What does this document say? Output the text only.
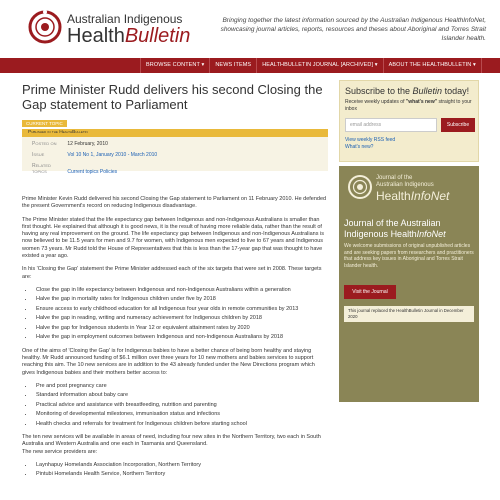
Australian Indigenous
HealthBulletin
Bringing together the latest information sourced by the Australian Indigenous HealthInfoNet, showcasing journal articles, reports, resources and theses about Aboriginal and Torres Strait Islander health.
BROWSE CONTENT ▾	NEWS ITEMS	HEALTHBULLETIN JOURNAL [ARCHIVED] ▾	ABOUT THE HEALTHBULLETIN ▾
Prime Minister Rudd delivers his second Closing the Gap statement to Parliament
CURRENT TOPIC
Published in the HealthBulletin
Posted on 12 February, 2010
Issue	Vol 10 No 1, January 2010 - March 2010
Related topics	Current topics Policies

Prime Minister Kevin Rudd delivered his second Closing the Gap statement to Parliament on 11 February 2010. He defended the present Government's record on reducing Indigenous disadvantage.

The Prime Minister stated that the life expectancy gap between Indigenous and non-Indigenous Australians is smaller than first thought. He explained that although it is good news, it is the result of having more reliable data, rather than the result of having any real improvement on the ground. The life expectancy gap between Indigenous and non-Indigenous Australians is now believed to be 11.5 years for men and 9.7 for women, with Indigenous men expected to live to 67 years and Indigenous women 73 years. Mr Rudd told the House of Representatives that this is less than the 17-year gap that was thought to have existed a year ago.

In his 'Closing the Gap' statement the Prime Minister addressed each of the six targets that were set in 2008. These targets are:

• Close the gap in life expectancy between Indigenous and non-Indigenous Australians within a generation
• Halve the gap in mortality rates for Indigenous children under five by 2018
• Ensure access to early childhood education for all Indigenous four year olds in remote communities by 2013
• Halve the gap in reading, writing and numeracy achievement for Indigenous children by 2018
• Halve the gap for Indigenous students in Year 12 or equivalent attainment rates by 2020
• Halve the gap in employment outcomes between Indigenous and non-Indigenous Australians by 2018

One of the aims of 'Closing the Gap' is for Indigenous babies to have a better chance of being born healthy and staying healthy. Mr Rudd announced funding of $6.1 million over three years for 10 new mothers and babies services to support reaching this aim. The 10 new services are in addition to the 43 already funded under the New Directions program which gives Indigenous babies and their mothers better access to:

• Pre and post pregnancy care
• Standard information about baby care
• Practical advice and assistance with breastfeeding, nutrition and parenting
• Monitoring of developmental milestones, immunisation status and infections
• Health checks and referrals for treatment for Indigenous children before starting school

The ten new services will be available in areas of need, including four new sites in the Northern Territory, two each in South Australia and Western Australia and one each in Tasmania and Queensland.
The new service providers are:

• Laynhapuy Homelands Association Incorporation, Northern Territory
• Pintubi Homelands Health Service, Northern Territory
Subscribe to the Bulletin today!
Receive weekly updates of "what's new" straight to your inbox
email address	Subscribe
View weekly RSS feed
What's new?
Journal of the
Australian Indigenous
HealthInfoNet
Journal of the Australian Indigenous HealthInfoNet
We welcome submissions of original unpublished articles and are seeking papers from researchers and practitioners that address key issues in Aboriginal and Torres Strait Islander health.
Visit the Journal
This journal replaced the HealthBulletin Journal in December 2020
